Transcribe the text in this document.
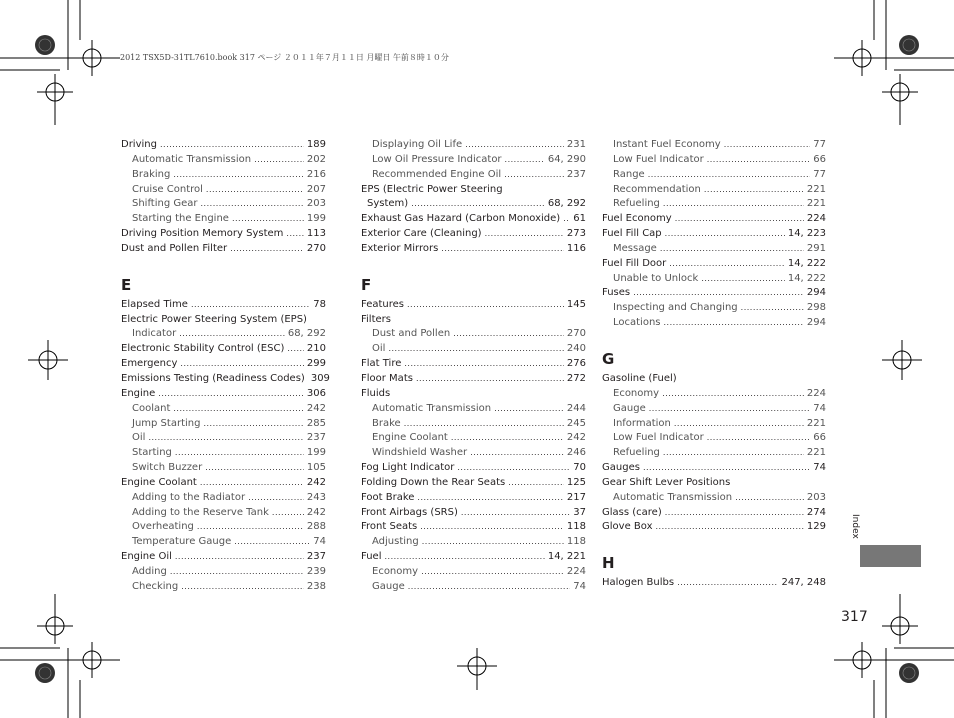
2012 TSX5D-31TL7610.book 317 ページ ２０１１年７月１１日 月曜日 午前８時１０分
Driving .....	189
Automatic Transmission .....	202
Braking .....	216
Cruise Control .....	207
Shifting Gear .....	203
Starting the Engine .....	199
Driving Position Memory System ..... 113
Dust and Pollen Filter .....	270
E
Elapsed Time .....	78
Electric Power Steering System (EPS)
Indicator .....	68, 292
Electronic Stability Control (ESC) ..... 210
Emergency .....	299
Emissions Testing (Readiness Codes) 309
Engine .....	306
Coolant .....	242
Jump Starting .....	285
Oil .....	237
Starting .....	199
Switch Buzzer .....	105
Engine Coolant .....	242
Adding to the Radiator .....	243
Adding to the Reserve Tank .....	242
Overheating .....	288
Temperature Gauge .....	74
Engine Oil .....	237
Adding .....	239
Checking .....	238
Displaying Oil Life .....	231
Low Oil Pressure Indicator .....	64, 290
Recommended Engine Oil .....	237
EPS (Electric Power Steering
System) .....	68, 292
Exhaust Gas Hazard (Carbon Monoxide) ..... 61
Exterior Care (Cleaning) .....	273
Exterior Mirrors .....	116
F
Features .....	145
Filters
Dust and Pollen .....	270
Oil .....	240
Flat Tire .....	276
Floor Mats .....	272
Fluids
Automatic Transmission .....	244
Brake .....	245
Engine Coolant .....	242
Windshield Washer .....	246
Fog Light Indicator .....	70
Folding Down the Rear Seats .....	125
Foot Brake .....	217
Front Airbags (SRS) .....	37
Front Seats .....	118
Adjusting .....	118
Fuel .....	14, 221
Economy .....	224
Gauge .....	74
Instant Fuel Economy .....	77
Low Fuel Indicator .....	66
Range .....	77
Recommendation .....	221
Refueling .....	221
Fuel Economy .....	224
Fuel Fill Cap .....	14, 223
Message .....	291
Fuel Fill Door .....	14, 222
Unable to Unlock .....	14, 222
Fuses .....	294
Inspecting and Changing .....	298
Locations .....	294
G
Gasoline (Fuel)
Economy .....	224
Gauge .....	74
Information .....	221
Low Fuel Indicator .....	66
Refueling .....	221
Gauges .....	74
Gear Shift Lever Positions
Automatic Transmission .....	203
Glass (care) .....	274
Glove Box .....	129
H
Halogen Bulbs .....	247, 248
Index
317
